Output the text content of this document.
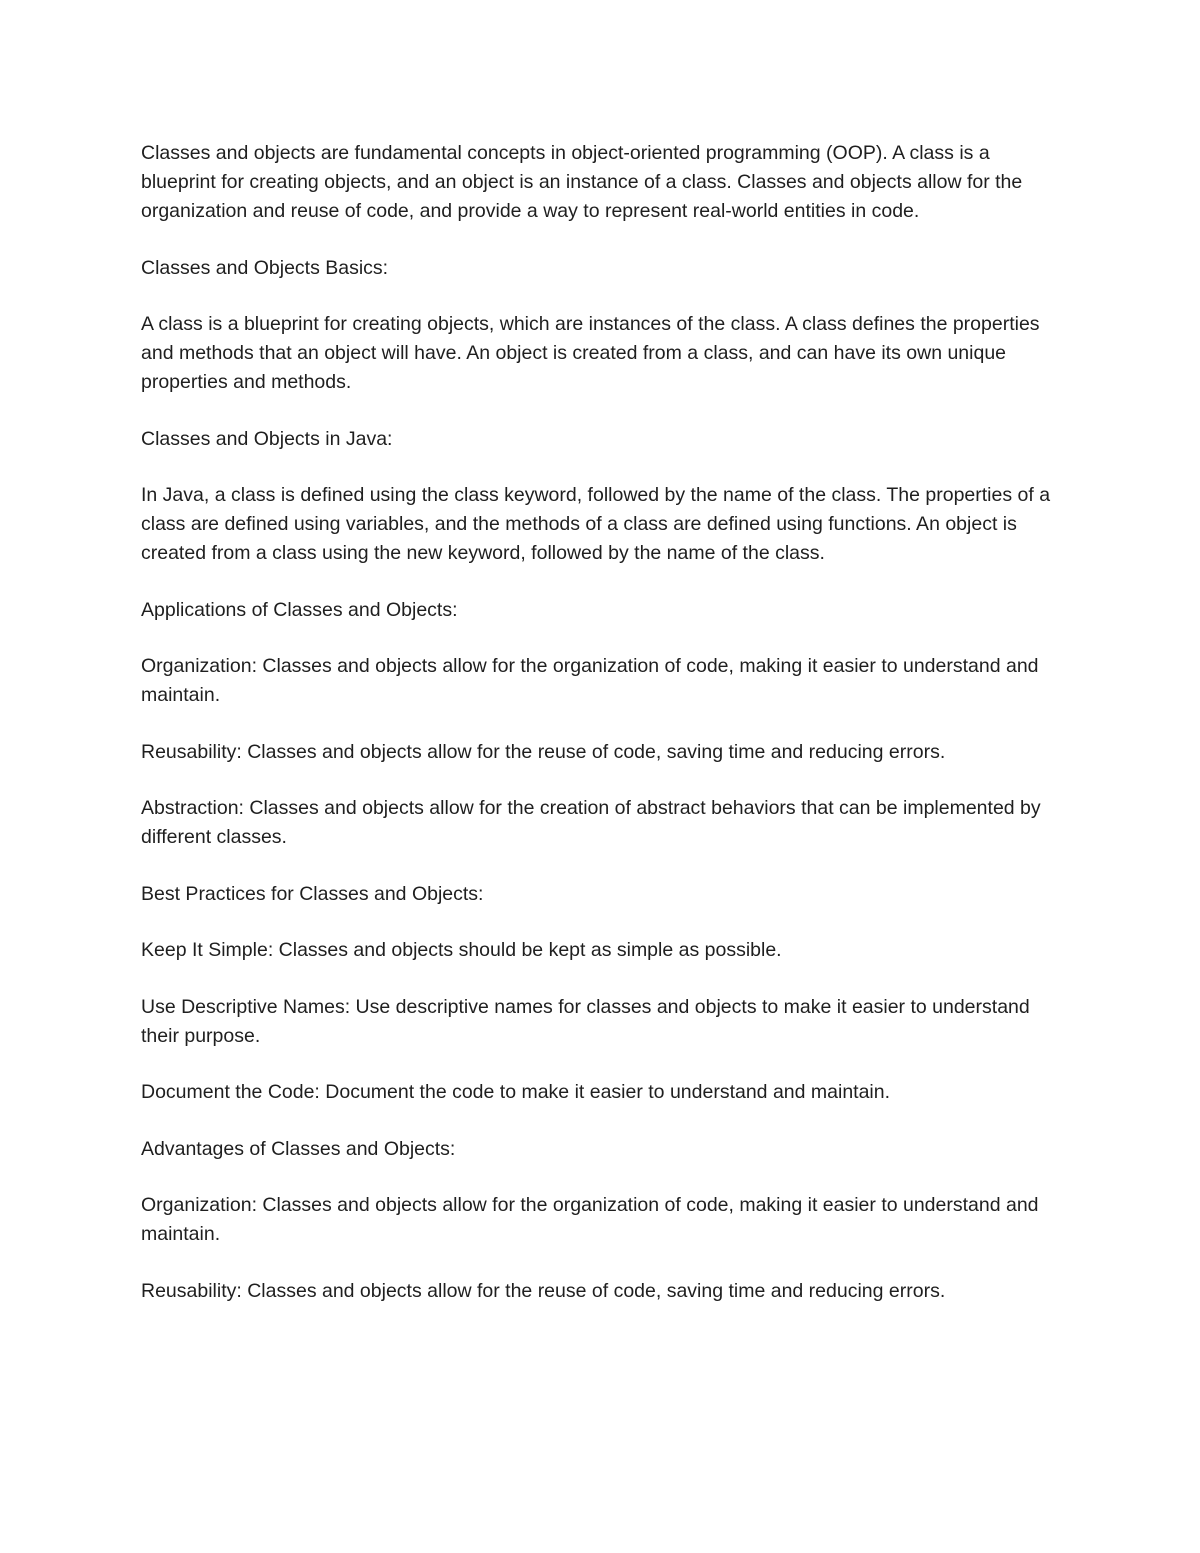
Classes and objects are fundamental concepts in object-oriented programming (OOP). A class is a blueprint for creating objects, and an object is an instance of a class. Classes and objects allow for the organization and reuse of code, and provide a way to represent real-world entities in code.

Classes and Objects Basics:

A class is a blueprint for creating objects, which are instances of the class. A class defines the properties and methods that an object will have. An object is created from a class, and can have its own unique properties and methods.

Classes and Objects in Java:

In Java, a class is defined using the class keyword, followed by the name of the class. The properties of a class are defined using variables, and the methods of a class are defined using functions. An object is created from a class using the new keyword, followed by the name of the class.

Applications of Classes and Objects:

Organization: Classes and objects allow for the organization of code, making it easier to understand and maintain.

Reusability: Classes and objects allow for the reuse of code, saving time and reducing errors.

Abstraction: Classes and objects allow for the creation of abstract behaviors that can be implemented by different classes.

Best Practices for Classes and Objects:

Keep It Simple: Classes and objects should be kept as simple as possible.

Use Descriptive Names: Use descriptive names for classes and objects to make it easier to understand their purpose.

Document the Code: Document the code to make it easier to understand and maintain.

Advantages of Classes and Objects:

Organization: Classes and objects allow for the organization of code, making it easier to understand and maintain.

Reusability: Classes and objects allow for the reuse of code, saving time and reducing errors.
